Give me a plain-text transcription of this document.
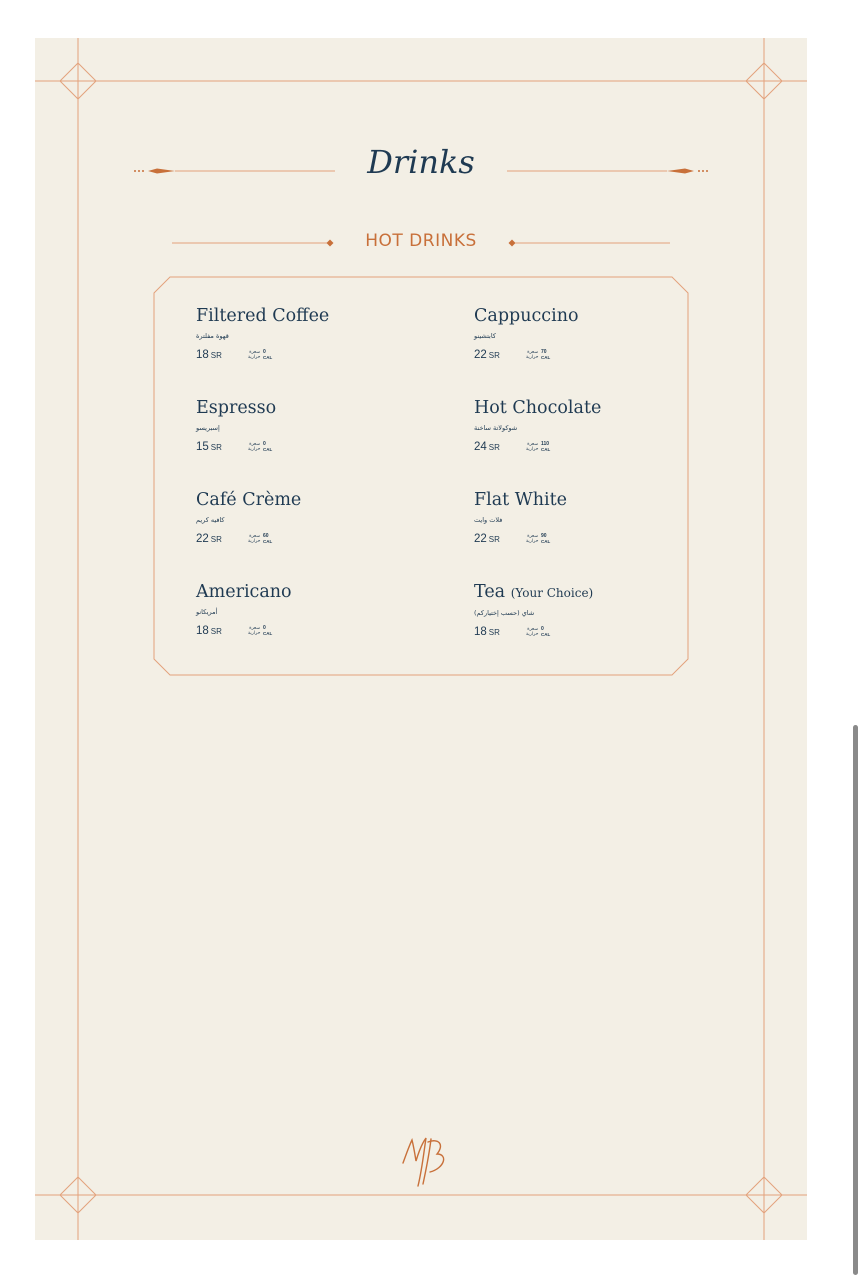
Drinks
HOT DRINKS
Filtered Coffee
قهوة مفلترة
18 SR	سعرة حرارية
0
CAL
Cappuccino
كابتشينو
22 SR	سعرة حرارية
70
CAL
Espresso
إسبريسو
15 SR	سعرة حرارية
0
CAL
Hot Chocolate
شوكولاتة ساخنة
24 SR	سعرة حرارية
110
CAL
Café Crème
كافيه كريم
22 SR	سعرة حرارية
60
CAL
Flat White
فلات وايت
22 SR	سعرة حرارية
90
CAL
Americano
أمريكانو
18 SR	سعرة حرارية
0
CAL
Tea (Your Choice)
شاي (حسب إختياركم)
18 SR	سعرة حرارية
0
CAL
